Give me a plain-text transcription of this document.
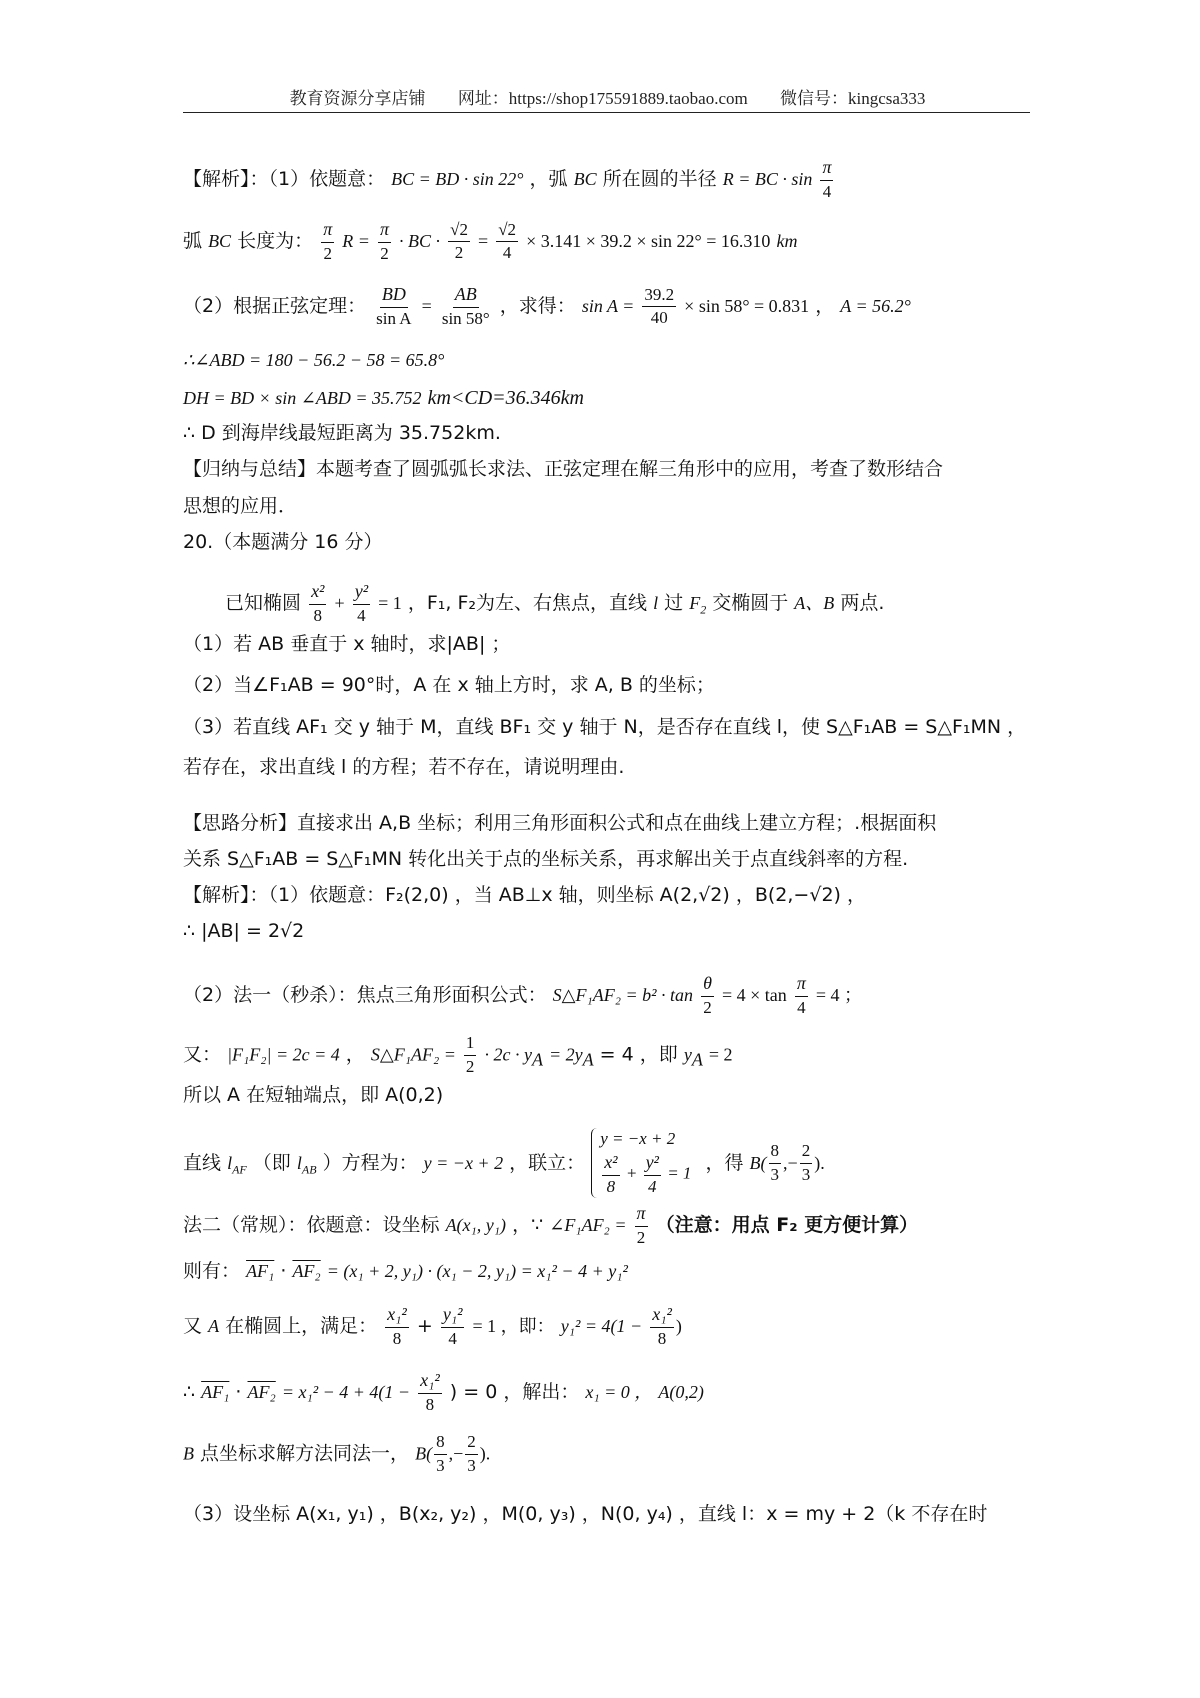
教育资源分享店铺 网址：https://shop175591889.taobao.com 微信号：kingcsa333
【解析】：（1）依题意： BC = BD · sin 22° ，弧 BC 所在圆的半径 R = BC · $\sin \frac{\pi}{4}$
弧 BC 长度为： $\frac{\pi}{2}$ $R = \frac{\pi}{2}$ · BC · $\frac{√2}{2} = \frac{√2}{4} \times 3.141 \times 39.2 \times \sin 22^\circ = 16.310$ km
（2）根据正弦定理： $\frac{BD}{\text{sin A}} = \frac{AB}{\sin 58^\circ}$ ，求得： $\sin A = \frac{39.2}{40} \times \sin 58^\circ = 0.831$ ， A = 56.2°
∴∠ABD = 180 − 56.2 − 58 = 65.8°
DH = BD × sin ∠ABD = 35.752 km<CD=36.346km
∴ D 到海岸线最短距离为 35.752km.
【归纳与总结】本题考查了圆弧弧长求法、正弦定理在解三角形中的应用，考查了数形结合
思想的应用．
20.（本题满分 16 分）
已知椭圆 $\frac{\text{x²}}{8} + \frac{\text{y²}}{4} = 1$ ，F₁, F₂为左、右焦点，直线 l 过 $F_2$ 交椭圆于 A、B 两点.
（1）若 AB 垂直于 x 轴时，求|AB| ；
（2）当∠F₁AB = 90°时，A 在 x 轴上方时，求 A, B 的坐标；
（3）若直线 AF₁ 交 y 轴于 M，直线 BF₁ 交 y 轴于 N，是否存在直线 l，使 S△F₁AB = S△F₁MN ，
若存在，求出直线 l 的方程；若不存在，请说明理由.
【思路分析】直接求出 A,B 坐标；利用三角形面积公式和点在曲线上建立方程；.根据面积
关系 S△F₁AB = S△F₁MN 转化出关于点的坐标关系，再求解出关于点直线斜率的方程.
【解析】：（1）依题意：F₂(2,0) ，当 AB⊥x 轴，则坐标 A(2,√2) ，B(2,−√2) ，
∴ |AB| = 2√2
（2）法一（秒杀）：焦点三角形面积公式： S△F₁AF₂ = $b^2 \cdot \tan \frac{\theta}{2} = 4 \times \tan \frac{\pi}{4} = 4$ ；
又： |F₁F₂| = 2c = 4 ， S△F₁AF₂ = $\frac{1}{2} \cdot 2c \cdot y_A = 2y_A = 4$ ，即 $y_A = 2$
所以 A 在短轴端点，即 A(0,2)
直线 $l_{AF}$ （即 $l_{AB}$ ）方程为： y = −x + 2 ，联立：
y = −x + 2
$\frac{\text{x²}}{8} + \frac{\text{y²}}{4} = 1$ ，得 $B( \frac{8}{3}$ ,− $\frac{2}{3}$ ).
法二（常规）：依题意：设坐标 A(x₁, y₁) ，∵ ∠F₁AF₂ = $\frac{\pi}{2}$ （注意：用点 F₂ 更方便计算）
则有： AF₁ · AF₂ = (x₁ + 2, y₁) · (x₁ − 2, y₁) = x₁² − 4 + y₁²
又 A 在椭圆上，满足： $\frac{\text{x₁²}}{8} + \frac{\text{y₁²}}{4} = 1$ ，即： $y_1^2 = 4(1 - \frac{\text{x₁²}}{8}$ )
∴ $AF_1 \cdot AF_2 = x_1^2 - 4 + 4(1 - \frac{\text{x₁²}}{8}$ ) = 0 ，解出： x₁ = 0 ， A(0,2)
B 点坐标求解方法同法一， $B( \frac{8}{3}$ ,− $\frac{2}{3}$ ).
（3）设坐标 A(x₁, y₁) ，B(x₂, y₂) ，M(0, y₃) ，N(0, y₄) ，直线 l：x = my + 2（k 不存在时
